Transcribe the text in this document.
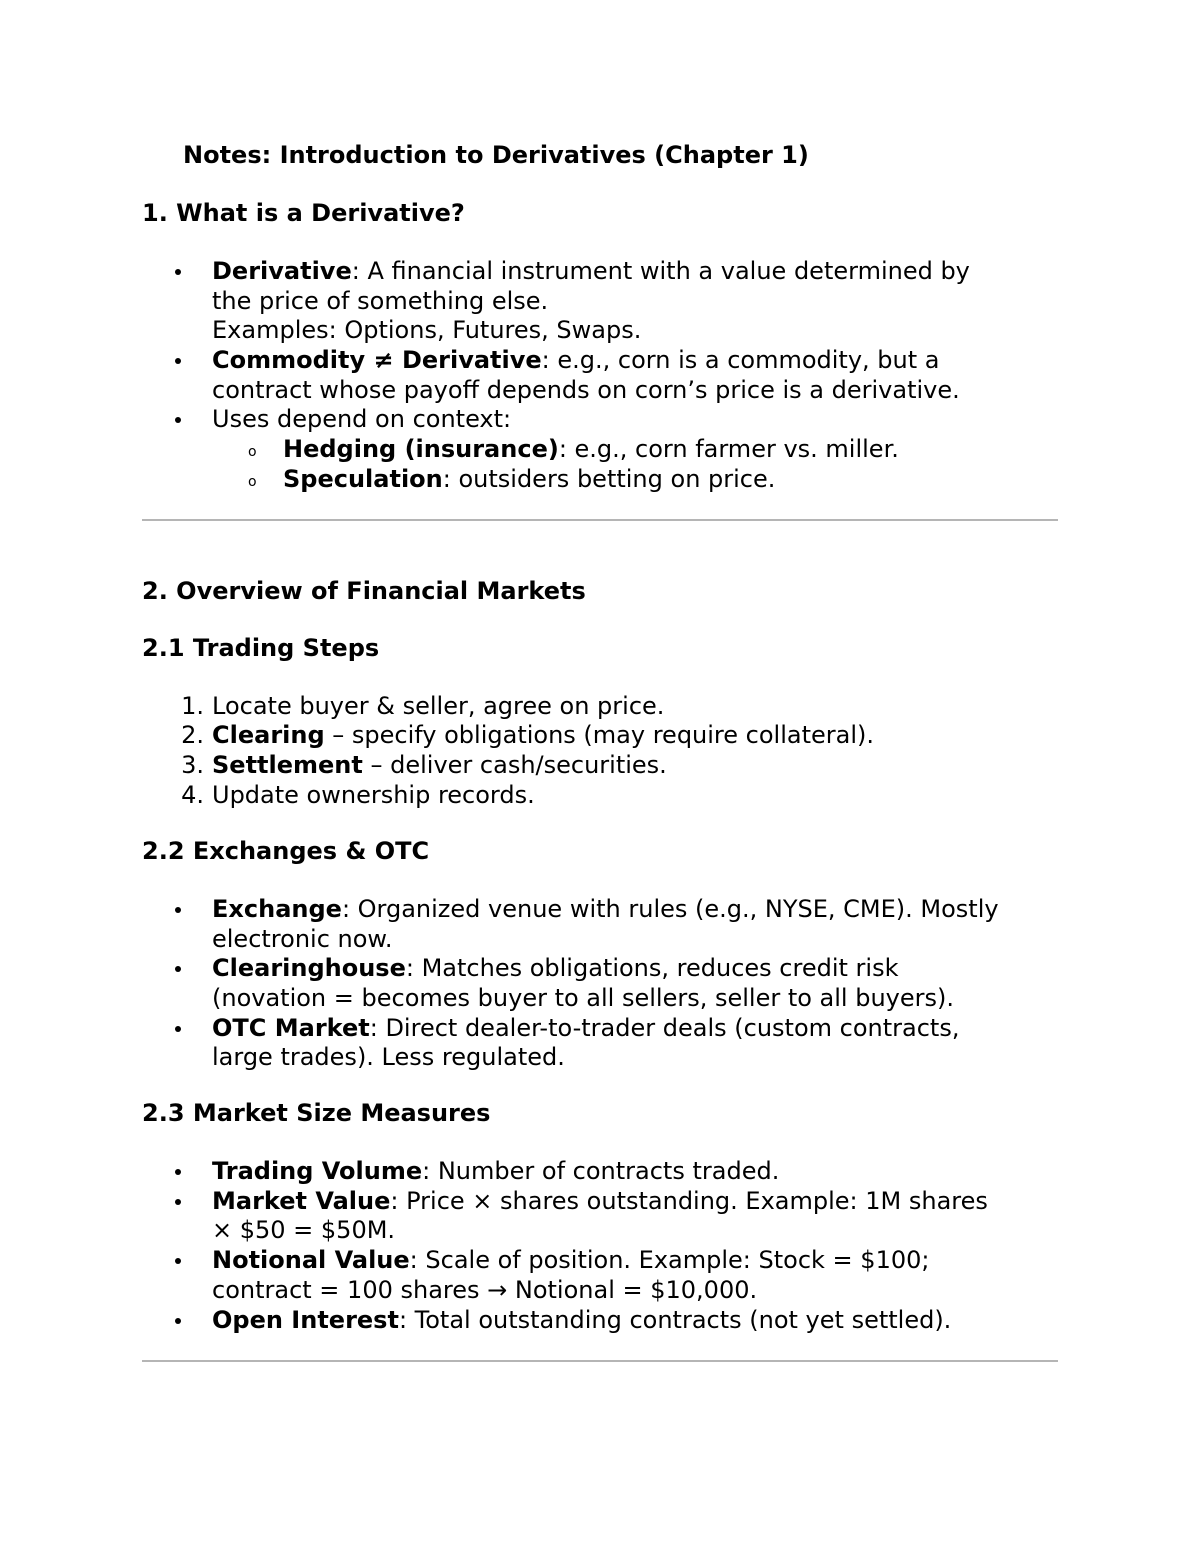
Notes: Introduction to Derivatives (Chapter 1)
1. What is a Derivative?
Derivative: A financial instrument with a value determined by
the price of something else.
Examples: Options, Futures, Swaps.
Commodity ≠ Derivative: e.g., corn is a commodity, but a
contract whose payoff depends on corn’s price is a derivative.
Uses depend on context:
o Hedging (insurance): e.g., corn farmer vs. miller.
o Speculation: outsiders betting on price.
2. Overview of Financial Markets
2.1 Trading Steps
1. Locate buyer & seller, agree on price.
2. Clearing – specify obligations (may require collateral).
3. Settlement – deliver cash/securities.
4. Update ownership records.
2.2 Exchanges & OTC
Exchange: Organized venue with rules (e.g., NYSE, CME). Mostly
electronic now.
Clearinghouse: Matches obligations, reduces credit risk
(novation = becomes buyer to all sellers, seller to all buyers).
OTC Market: Direct dealer-to-trader deals (custom contracts,
large trades). Less regulated.
2.3 Market Size Measures
Trading Volume: Number of contracts traded.
Market Value: Price × shares outstanding. Example: 1M shares
× $50 = $50M.
Notional Value: Scale of position. Example: Stock = $100;
contract = 100 shares → Notional = $10,000.
Open Interest: Total outstanding contracts (not yet settled).
